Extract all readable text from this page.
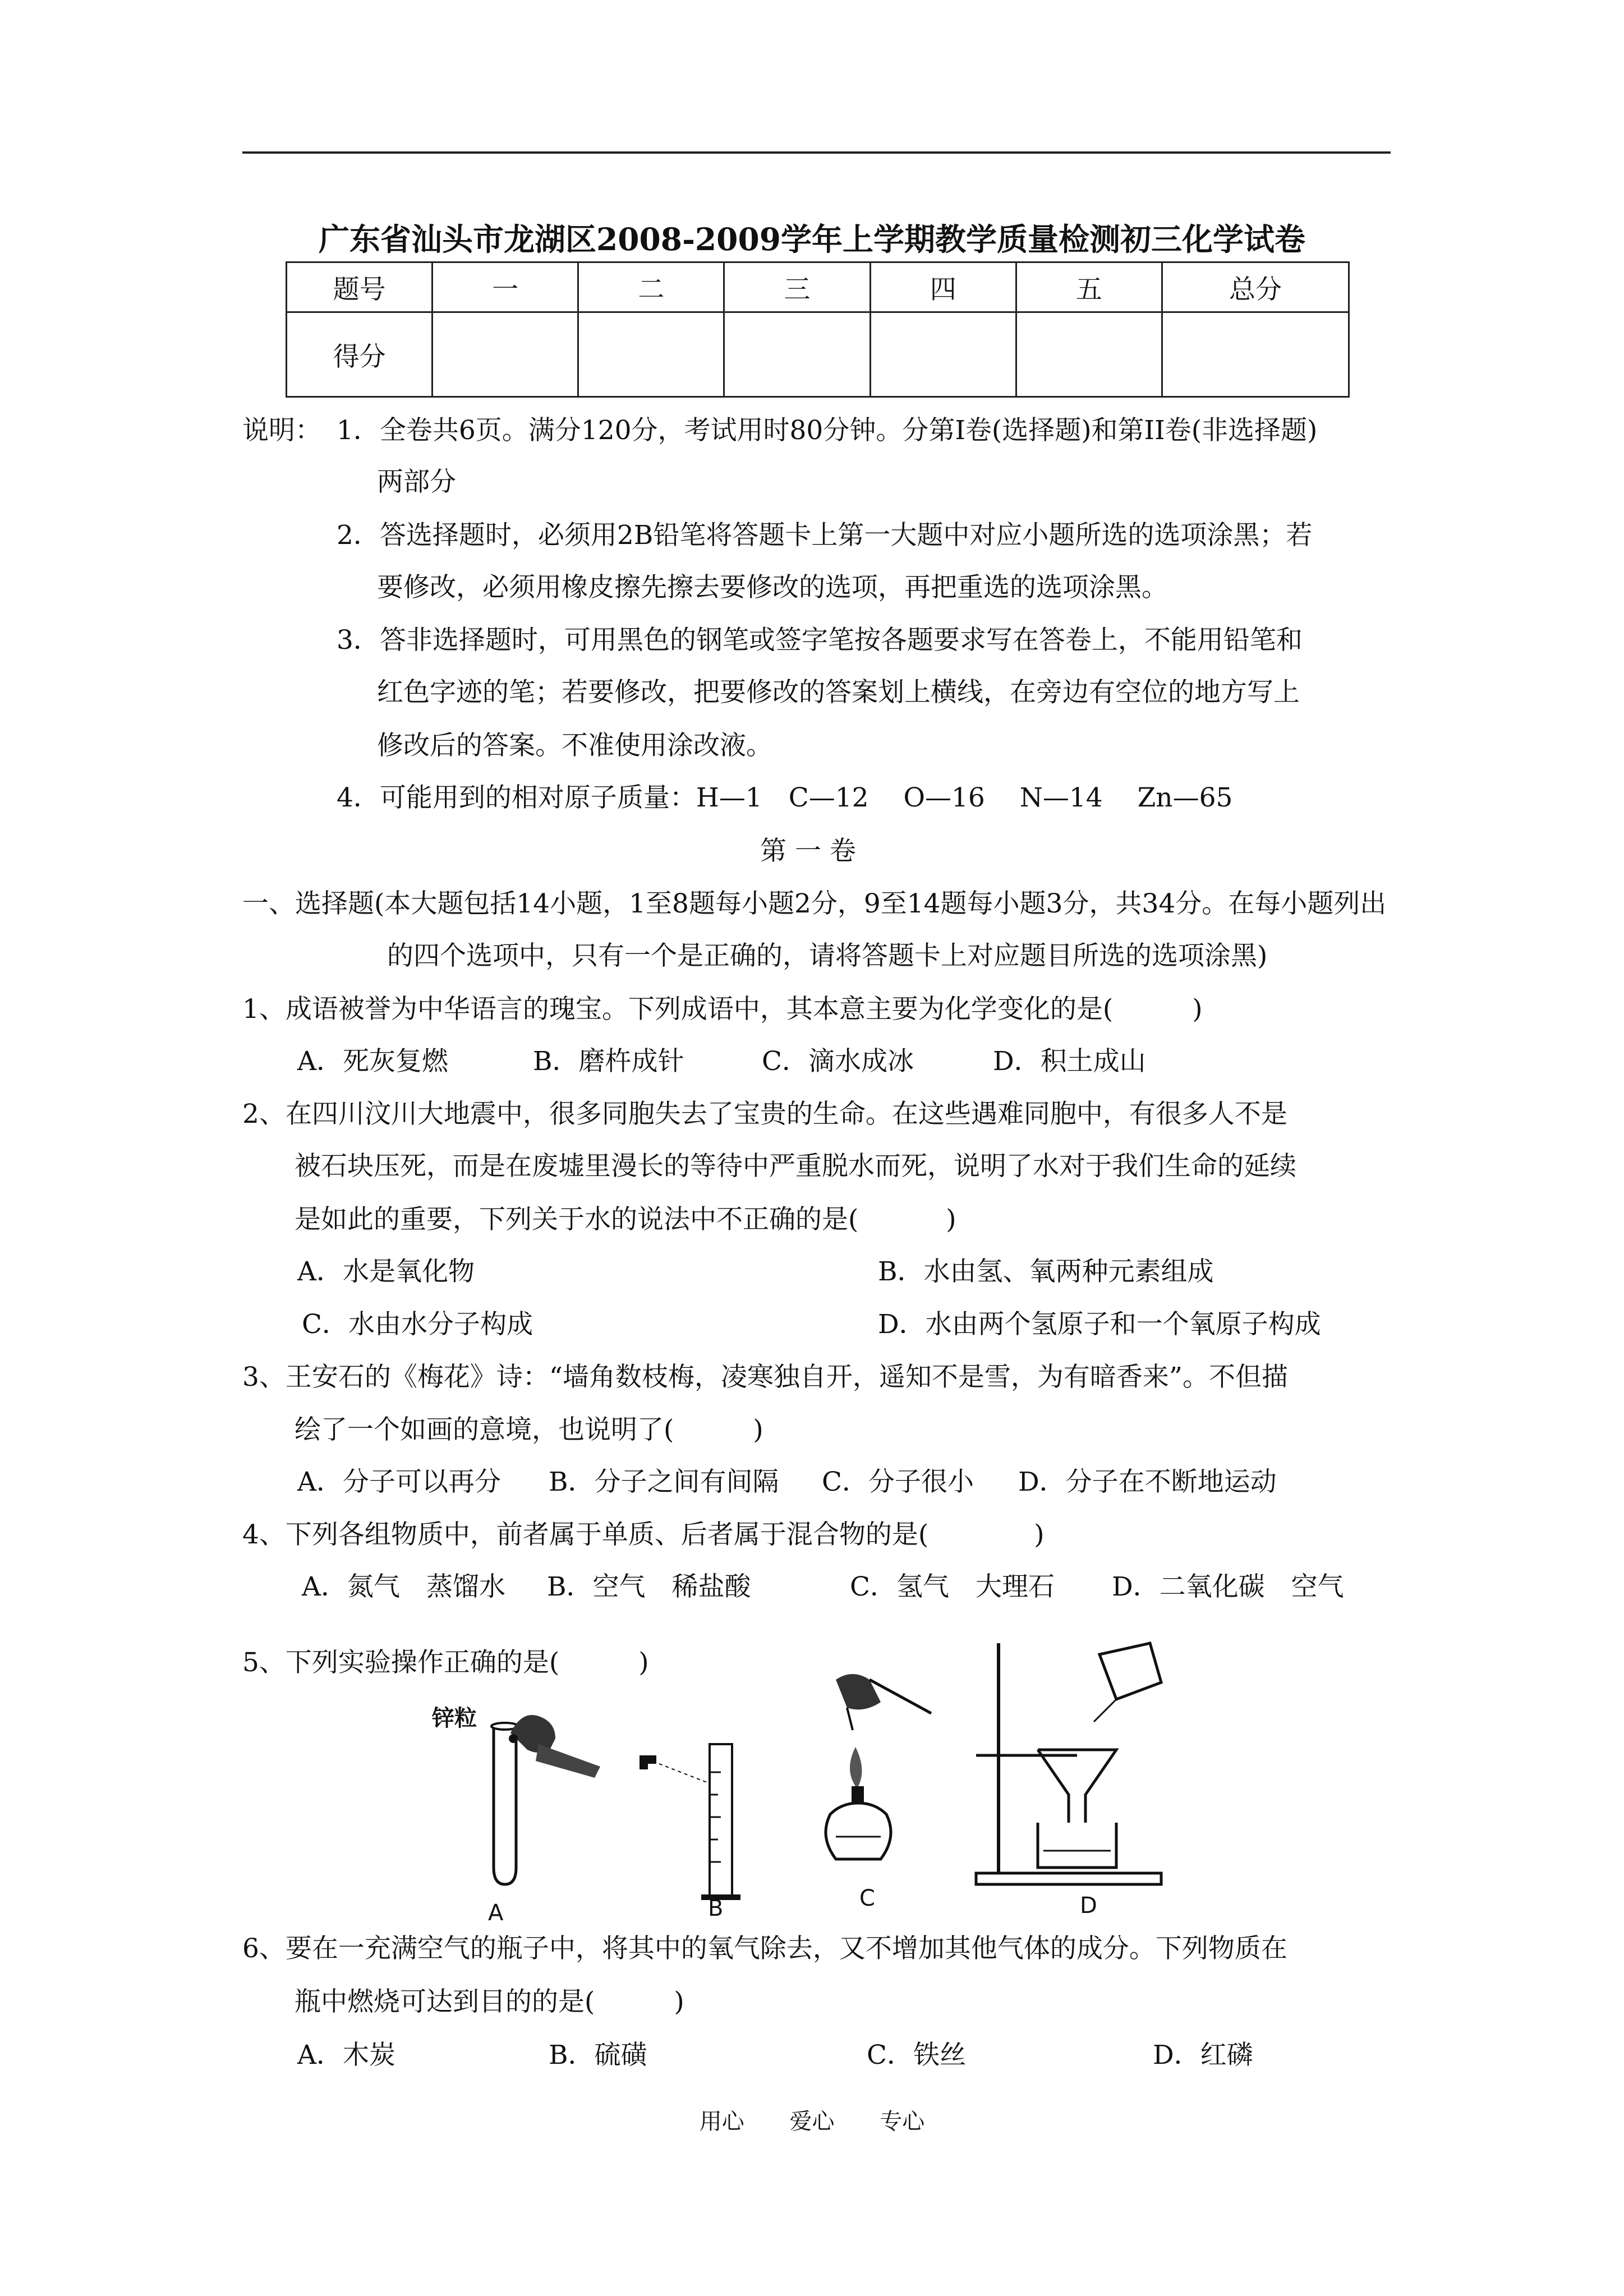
广东省汕头市龙湖区2008-2009学年上学期教学质量检测初三化学试卷
题号	一	二	三	四	五	总分
得分						
说明： 1．全卷共6页。满分120分，考试用时80分钟。分第Ⅰ卷(选择题)和第II卷(非选择题)
两部分
2．答选择题时，必须用2B铅笔将答题卡上第一大题中对应小题所选的选项涂黑；若
要修改，必须用橡皮擦先擦去要修改的选项，再把重选的选项涂黑。
3．答非选择题时，可用黑色的钢笔或签字笔按各题要求写在答卷上，不能用铅笔和
红色字迹的笔；若要修改，把要修改的答案划上横线，在旁边有空位的地方写上
修改后的答案。不准使用涂改液。
4．可能用到的相对原子质量：H—1　C—12　 O—16　 N—14　 Zn—65
第 一 卷
一、选择题(本大题包括14小题，1至8题每小题2分，9至14题每小题3分，共34分。在每小题列出
的四个选项中，只有一个是正确的，请将答题卡上对应题目所选的选项涂黑)
1、成语被誉为中华语言的瑰宝。下列成语中，其本意主要为化学变化的是(　　　)
A．死灰复燃	B．磨杵成针	C．滴水成冰	D．积土成山
2、在四川汶川大地震中，很多同胞失去了宝贵的生命。在这些遇难同胞中，有很多人不是
被石块压死，而是在废墟里漫长的等待中严重脱水而死，说明了水对于我们生命的延续
是如此的重要，下列关于水的说法中不正确的是(　　　 )
A．水是氧化物	B．水由氢、氧两种元素组成
C．水由水分子构成	D．水由两个氢原子和一个氧原子构成
3、王安石的《梅花》诗：“墙角数枝梅，凌寒独自开，遥知不是雪，为有暗香来”。不但描
绘了一个如画的意境，也说明了(　　　)
A．分子可以再分 B．分子之间有间隔 C．分子很小 D．分子在不断地运动
4、下列各组物质中，前者属于单质、后者属于混合物的是(　　　　)
A．氮气　蒸馏水 B．空气　稀盐酸	C．氢气　大理石 D．二氧化碳　空气
5、下列实验操作正确的是(　　　)
锌粒
A	B	C	D
6、要在一充满空气的瓶子中，将其中的氧气除去，又不增加其他气体的成分。下列物质在
瓶中燃烧可达到目的的是(　　　)
A．木炭	B．硫磺	C．铁丝	D．红磷
用心 爱心 专心
